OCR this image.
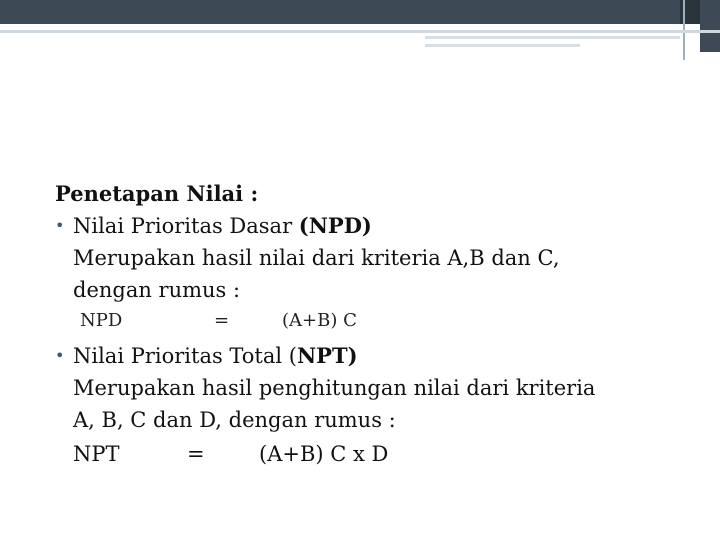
Penetapan Nilai :
• Nilai Prioritas Dasar (NPD)
Merupakan hasil nilai dari kriteria A,B dan C,
dengan rumus :
NPD	=	(A+B) C
• Nilai Prioritas Total (NPT)
Merupakan hasil penghitungan nilai dari kriteria
A, B, C dan D, dengan rumus :
NPT	=	(A+B) C x D
